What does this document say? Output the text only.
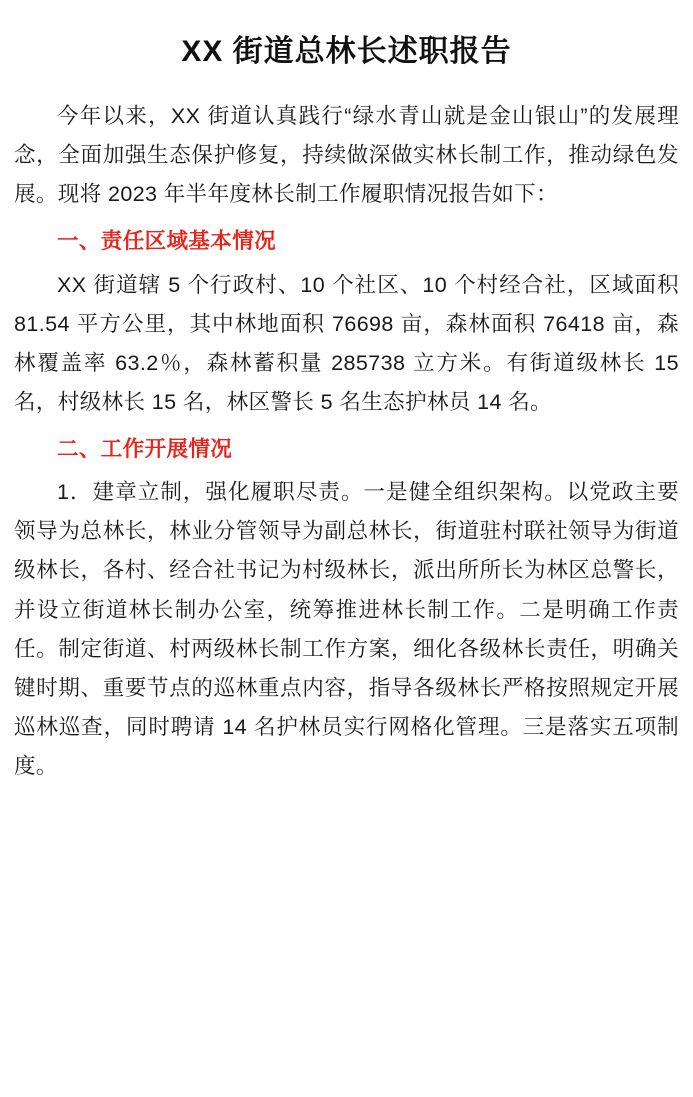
XX 街道总林长述职报告

今年以来，XX 街道认真践行“绿水青山就是金山银山”的发展理念，全面加强生态保护修复，持续做深做实林长制工作，推动绿色发展。现将 2023 年半年度林长制工作履职情况报告如下：

一、责任区域基本情况

XX 街道辖 5 个行政村、10 个社区、10 个村经合社，区域面积 81.54 平方公里，其中林地面积 76698 亩，森林面积 76418 亩，森林覆盖率 63.2％，森林蓄积量 285738 立方米。有街道级林长 15 名，村级林长 15 名，林区警长 5 名生态护林员 14 名。

二、工作开展情况

1．建章立制，强化履职尽责。一是健全组织架构。以党政主要领导为总林长，林业分管领导为副总林长，街道驻村联社领导为街道级林长，各村、经合社书记为村级林长，派出所所长为林区总警长，并设立街道林长制办公室，统筹推进林长制工作。二是明确工作责任。制定街道、村两级林长制工作方案，细化各级林长责任，明确关键时期、重要节点的巡林重点内容，指导各级林长严格按照规定开展巡林巡查，同时聘请 14 名护林员实行网格化管理。三是落实五项制度。
